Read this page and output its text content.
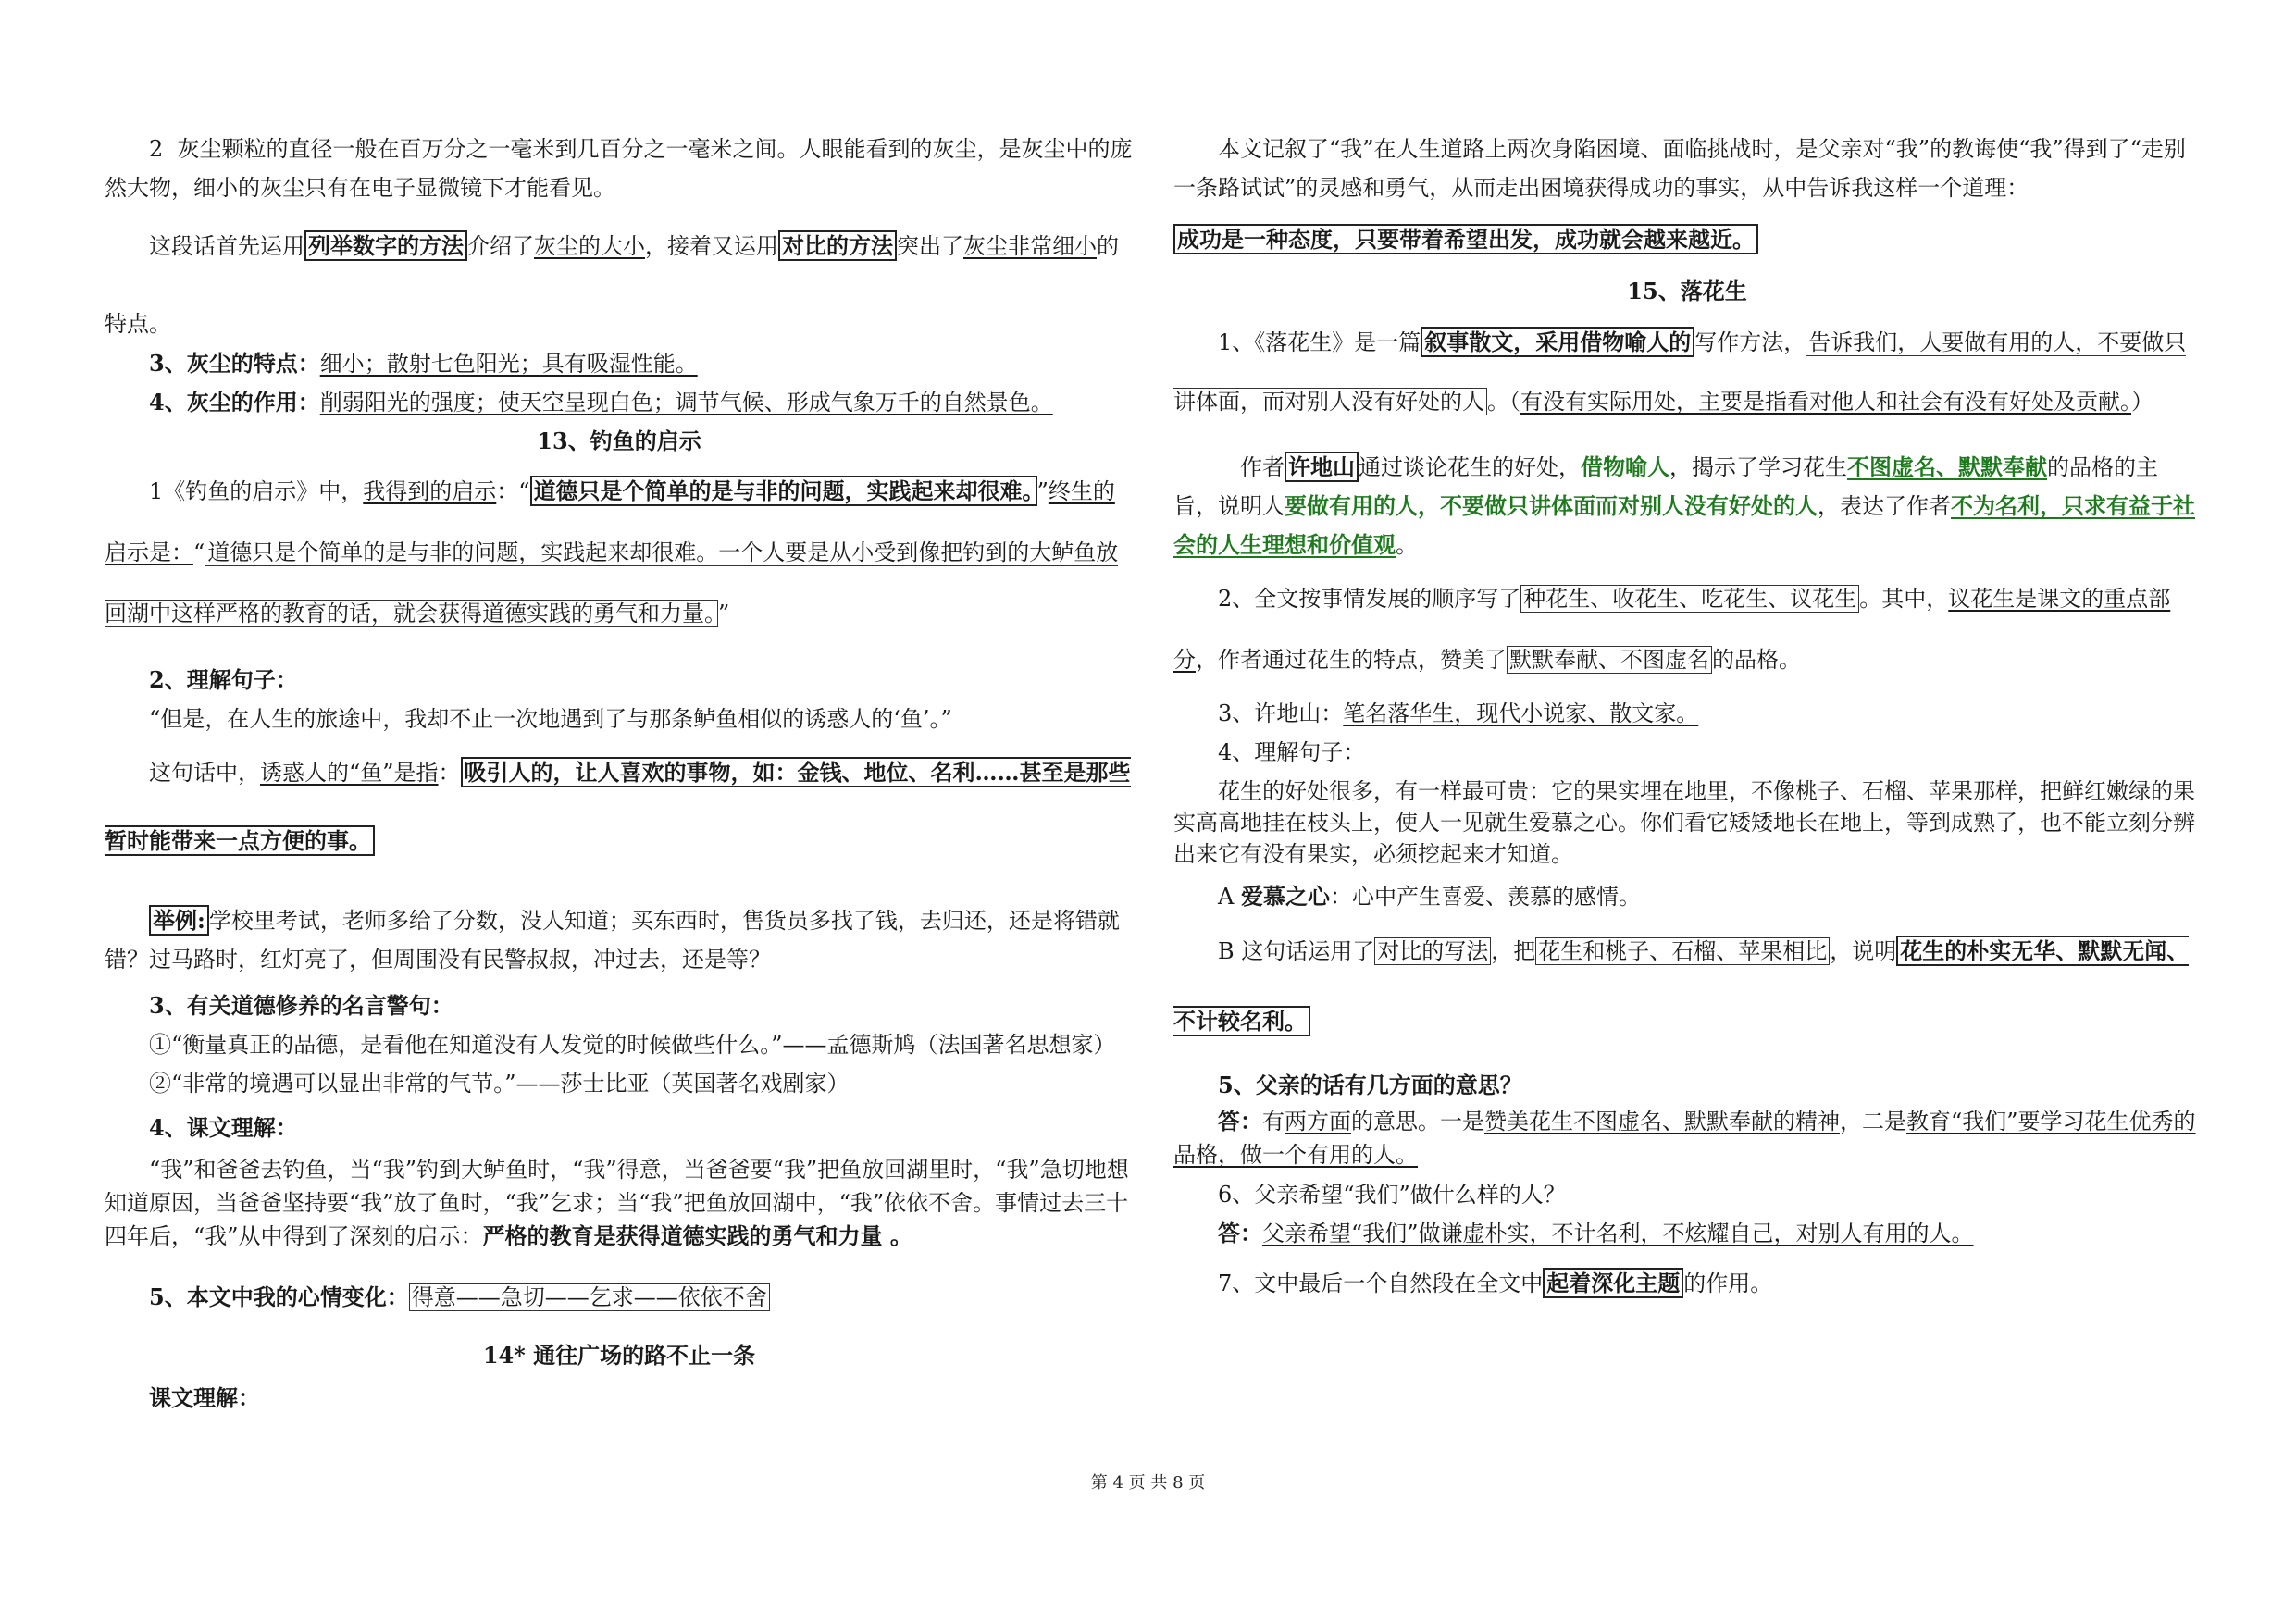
2 灰尘颗粒的直径一般在百万分之一毫米到几百分之一毫米之间。人眼能看到的灰尘，是灰尘中的庞然大物，细小的灰尘只有在电子显微镜下才能看见。

这段话首先运用 列举数字的方法 介绍了灰尘的大小，接着又运用 对比的方法 突出了灰尘非常细小的特点。

3、灰尘的特点：细小；散射七色阳光；具有吸湿性能。

4、灰尘的作用：削弱阳光的强度；使天空呈现白色；调节气候、形成气象万千的自然景色。

13、钓鱼的启示

1《钓鱼的启示》中，我得到的启示：“ 道德只是个简单的是与非的问题，实践起来却很难。 ”终生的启示是：“ 道德只是个简单的是与非的问题，实践起来却很难。一个人要是从小受到像把钓到的大鲈鱼放回湖中这样严格的教育的话，就会获得道德实践的勇气和力量。 ”

2、理解句子：

“但是，在人生的旅途中，我却不止一次地遇到了与那条鲈鱼相似的诱惑人的‘鱼’。”

这句话中，诱惑人的“鱼”是指： 吸引人的，让人喜欢的事物，如：金钱、地位、名利……甚至是那些暂时能带来一点方便的事。

举例: 学校里考试，老师多给了分数，没人知道；买东西时，售货员多找了钱，去归还，还是将错就错？过马路时，红灯亮了，但周围没有民警叔叔，冲过去，还是等？

3、有关道德修养的名言警句：

①“衡量真正的品德，是看他在知道没有人发觉的时候做些什么。”——孟德斯鸠（法国著名思想家）

②“非常的境遇可以显出非常的气节。”——莎士比亚（英国著名戏剧家）

4、课文理解：

“我”和爸爸去钓鱼，当“我”钓到大鲈鱼时，“我”得意，当爸爸要“我”把鱼放回湖里时，“我”急切地想知道原因，当爸爸坚持要“我”放了鱼时，“我”乞求；当“我”把鱼放回湖中，“我”依依不舍。事情过去三十四年后，“我”从中得到了深刻的启示：严格的教育是获得道德实践的勇气和力量 。

5、本文中我的心情变化： 得意——急切——乞求——依依不舍

14* 通往广场的路不止一条

课文理解：

本文记叙了“我”在人生道路上两次身陷困境、面临挑战时，是父亲对“我”的教诲使“我”得到了“走别一条路试试”的灵感和勇气，从而走出困境获得成功的事实，从中告诉我这样一个道理：

成功是一种态度，只要带着希望出发，成功就会越来越近。

15、落花生

1、《落花生》是一篇 叙事散文，采用借物喻人的 写作方法， 告诉我们，人要做有用的人，不要做只讲体面，而对别人没有好处的人 。（有没有实际用处，主要是指看对他人和社会有没有好处及贡献。）

作者 许地山 通过谈论花生的好处，借物喻人，揭示了学习花生不图虚名、默默奉献的品格的主旨，说明人要做有用的人，不要做只讲体面而对别人没有好处的人，表达了作者不为名利，只求有益于社会的人生理想和价值观。

2、全文按事情发展的顺序写了 种花生、收花生、吃花生、议花生 。其中，议花生是课文的重点部分，作者通过花生的特点，赞美了 默默奉献、不图虚名 的品格。

3、许地山：笔名落华生，现代小说家、散文家。

4、理解句子：

花生的好处很多，有一样最可贵：它的果实埋在地里，不像桃子、石榴、苹果那样，把鲜红嫩绿的果实高高地挂在枝头上，使人一见就生爱慕之心。你们看它矮矮地长在地上，等到成熟了，也不能立刻分辨出来它有没有果实，必须挖起来才知道。

A 爱慕之心：心中产生喜爱、羡慕的感情。

B 这句话运用了 对比的写法 ，把 花生和桃子、石榴、苹果相比 ，说明 花生的朴实无华、默默无闻、不计较名利。

5、父亲的话有几方面的意思？

答：有两方面的意思。一是赞美花生不图虚名、默默奉献的精神，二是教育“我们”要学习花生优秀的品格，做一个有用的人。

6、父亲希望“我们”做什么样的人？

答：父亲希望“我们”做谦虚朴实，不计名利，不炫耀自己，对别人有用的人。

7、文中最后一个自然段在全文中 起着深化主题 的作用。

第 4 页 共 8 页
